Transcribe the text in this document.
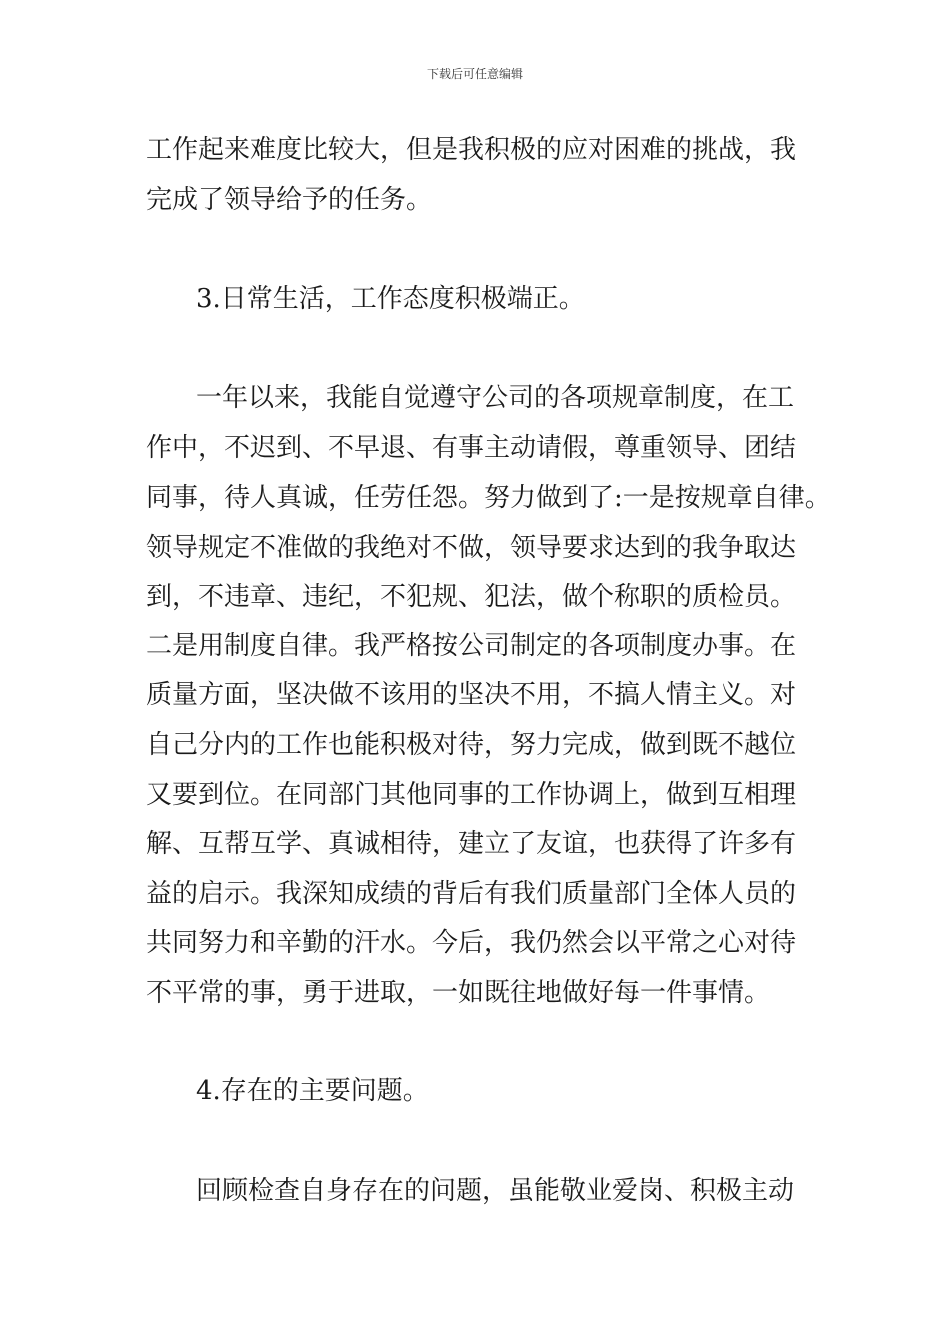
下载后可任意编辑
工作起来难度比较大，但是我积极的应对困难的挑战，我
完成了领导给予的任务。
3.日常生活，工作态度积极端正。
一年以来，我能自觉遵守公司的各项规章制度，在工
作中，不迟到、不早退、有事主动请假，尊重领导、团结
同事，待人真诚，任劳任怨。努力做到了:一是按规章自律。
领导规定不准做的我绝对不做，领导要求达到的我争取达
到，不违章、违纪，不犯规、犯法，做个称职的质检员。
二是用制度自律。我严格按公司制定的各项制度办事。在
质量方面，坚决做不该用的坚决不用，不搞人情主义。对
自己分内的工作也能积极对待，努力完成，做到既不越位
又要到位。在同部门其他同事的工作协调上，做到互相理
解、互帮互学、真诚相待，建立了友谊，也获得了许多有
益的启示。我深知成绩的背后有我们质量部门全体人员的
共同努力和辛勤的汗水。今后，我仍然会以平常之心对待
不平常的事，勇于进取，一如既往地做好每一件事情。
4.存在的主要问题。
回顾检查自身存在的问题，虽能敬业爱岗、积极主动
